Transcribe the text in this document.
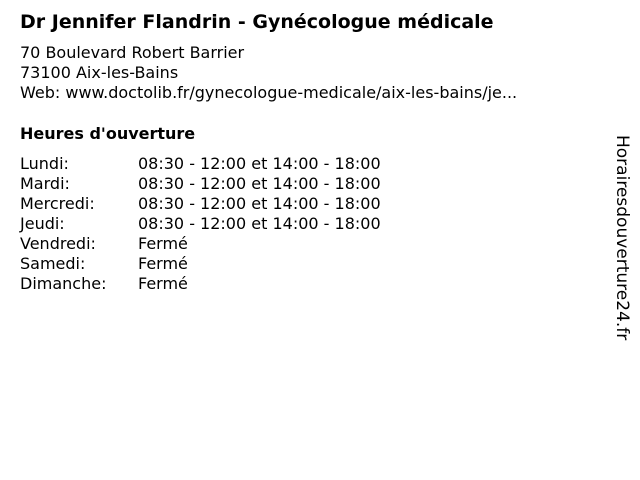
Dr Jennifer Flandrin - Gynécologue médicale
70 Boulevard Robert Barrier
73100 Aix-les-Bains
Web: www.doctolib.fr/gynecologue-medicale/aix-les-bains/je...
Heures d'ouverture
Lundi:	08:30 - 12:00 et 14:00 - 18:00
Mardi:	08:30 - 12:00 et 14:00 - 18:00
Mercredi:	08:30 - 12:00 et 14:00 - 18:00
Jeudi:	08:30 - 12:00 et 14:00 - 18:00
Vendredi:	Fermé
Samedi:	Fermé
Dimanche: Fermé	Horairesdouverture24.fr
